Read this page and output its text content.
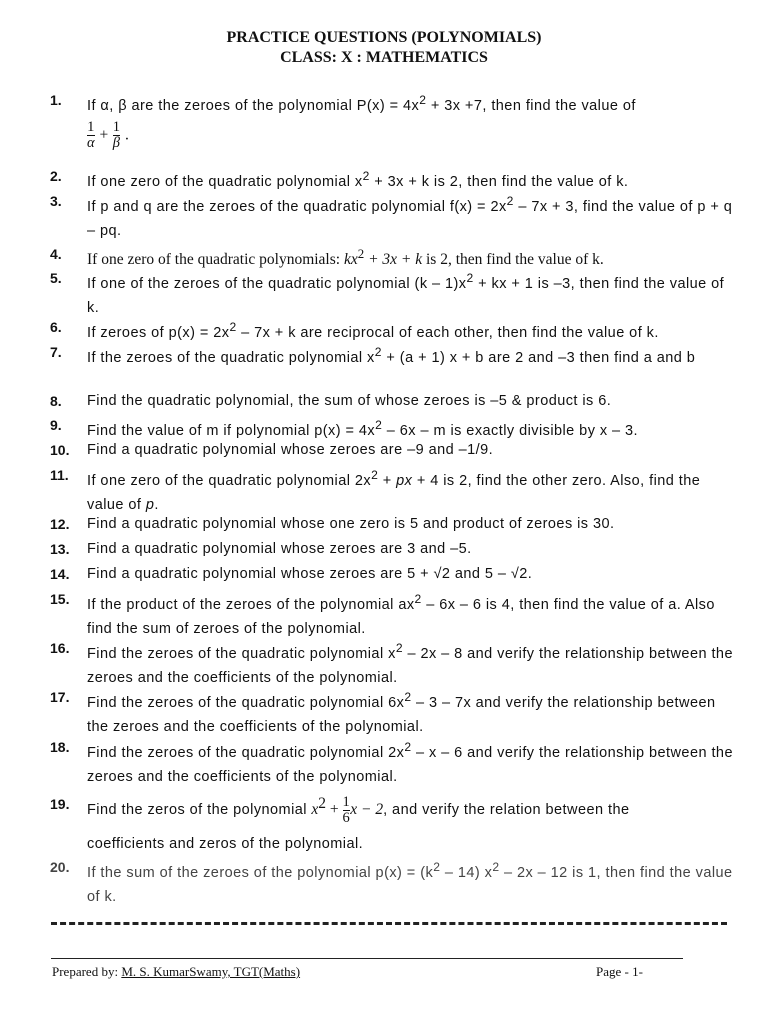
PRACTICE QUESTIONS (POLYNOMIALS)
CLASS: X : MATHEMATICS
1.	If α, β are the zeroes of the polynomial $P(x) = 4x^2 + 3x +7$, then find the value of
$\frac{1}{\alpha} + \frac{1}{\beta}$ .
2.	If one zero of the quadratic polynomial $x^2 + 3x + k$ is 2, then find the value of k.
3.	If p and q are the zeroes of the quadratic polynomial $f(x) = 2x^2 - 7x + 3$, find the value of p + q – pq.
4.	If one zero of the quadratic polynomials: $kx^2 + 3x + k$ is 2, then find the value of k.
5.	If one of the zeroes of the quadratic polynomial $(k - 1)x^2$ + kx + 1 is –3, then find the value of k.
6.	If zeroes of $p(x) = 2x^2 - 7x + k$ are reciprocal of each other, then find the value of k.
7.	If the zeroes of the quadratic polynomial $x^2 + (a + 1) x + b$ are 2 and –3 then find a and b
8.	Find the quadratic polynomial, the sum of whose zeroes is –5 & product is 6.
9.	Find the value of m if polynomial $p(x) = 4x^2 - 6x - m$ is exactly divisible by x – 3.
10.	Find a quadratic polynomial whose zeroes are –9 and –1/9.
11.	If one zero of the quadratic polynomial $2x^2$ + px + 4 is 2, find the other zero. Also, find the value of p.
12.	Find a quadratic polynomial whose one zero is 5 and product of zeroes is 30.
13.	Find a quadratic polynomial whose zeroes are 3 and –5.
14.	Find a quadratic polynomial whose zeroes are 5 + √2 and 5 – √2.
15.	If the product of the zeroes of the polynomial $ax^2 - 6x - 6$ is 4, then find the value of a. Also find the sum of zeroes of the polynomial.
16.	Find the zeroes of the quadratic polynomial $x^2 - 2x - 8$ and verify the relationship between the zeroes and the coefficients of the polynomial.
17.	Find the zeroes of the quadratic polynomial $6x^2 - 3 - 7x$ and verify the relationship between the zeroes and the coefficients of the polynomial.
18.	Find the zeroes of the quadratic polynomial $2x^2$ – x – 6 and verify the relationship between the zeroes and the coefficients of the polynomial.
19.	Find the zeros of the polynomial $x^2 + \frac{1}{6}$ x − 2, and verify the relation between the
coefficients and zeros of the polynomial.
20.	If the sum of the zeroes of the polynomial $p(x) = (k^2 - 14)$ $x^2 - 2x - 12$ is 1, then find the value of k.
Prepared by: M. S. KumarSwamy, TGT(Maths)	Page - 1-
